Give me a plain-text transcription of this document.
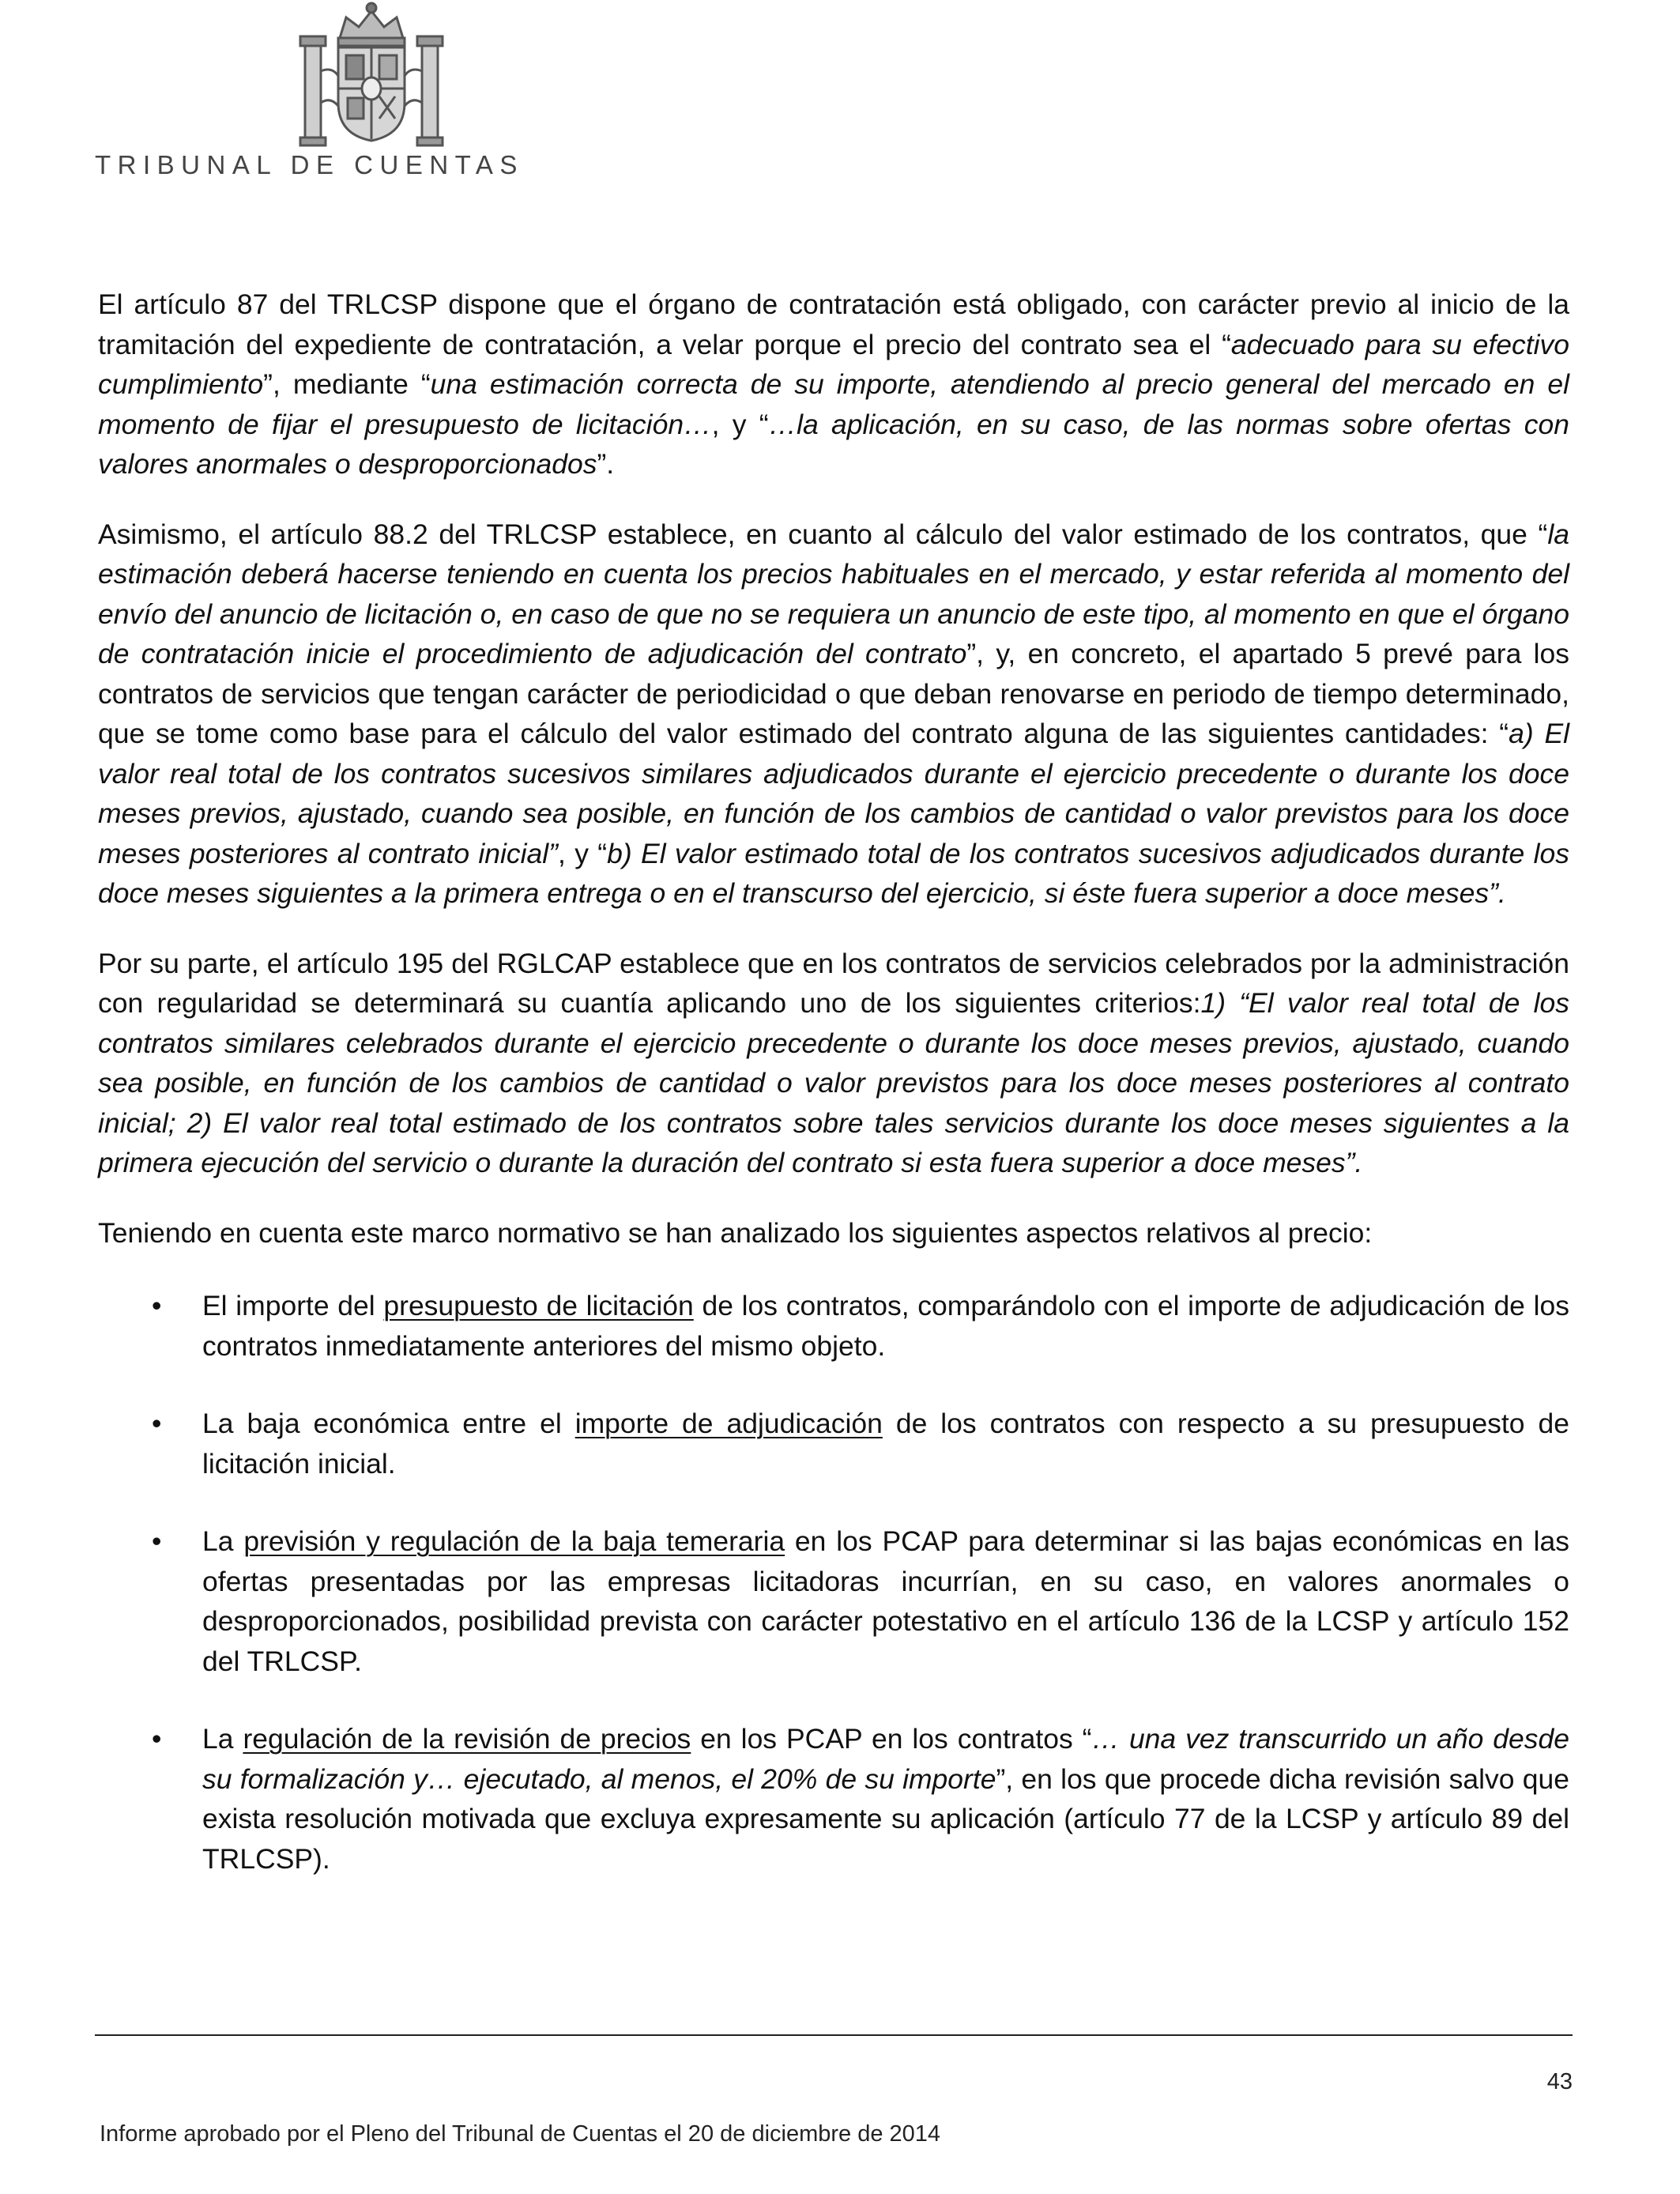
TRIBUNAL DE CUENTAS

El artículo 87 del TRLCSP dispone que el órgano de contratación está obligado, con carácter previo al inicio de la tramitación del expediente de contratación, a velar porque el precio del contrato sea el “adecuado para su efectivo cumplimiento”, mediante “una estimación correcta de su importe, atendiendo al precio general del mercado en el momento de fijar el presupuesto de licitación…, y “…la aplicación, en su caso, de las normas sobre ofertas con valores anormales o desproporcionados”.

Asimismo, el artículo 88.2 del TRLCSP establece, en cuanto al cálculo del valor estimado de los contratos, que “la estimación deberá hacerse teniendo en cuenta los precios habituales en el mercado, y estar referida al momento del envío del anuncio de licitación o, en caso de que no se requiera un anuncio de este tipo, al momento en que el órgano de contratación inicie el procedimiento de adjudicación del contrato”, y, en concreto, el apartado 5 prevé para los contratos de servicios que tengan carácter de periodicidad o que deban renovarse en periodo de tiempo determinado, que se tome como base para el cálculo del valor estimado del contrato alguna de las siguientes cantidades: “a) El valor real total de los contratos sucesivos similares adjudicados durante el ejercicio precedente o durante los doce meses previos, ajustado, cuando sea posible, en función de los cambios de cantidad o valor previstos para los doce meses posteriores al contrato inicial”, y “b) El valor estimado total de los contratos sucesivos adjudicados durante los doce meses siguientes a la primera entrega o en el transcurso del ejercicio, si éste fuera superior a doce meses”.

Por su parte, el artículo 195 del RGLCAP establece que en los contratos de servicios celebrados por la administración con regularidad se determinará su cuantía aplicando uno de los siguientes criterios:1) “El valor real total de los contratos similares celebrados durante el ejercicio precedente o durante los doce meses previos, ajustado, cuando sea posible, en función de los cambios de cantidad o valor previstos para los doce meses posteriores al contrato inicial; 2) El valor real total estimado de los contratos sobre tales servicios durante los doce meses siguientes a la primera ejecución del servicio o durante la duración del contrato si esta fuera superior a doce meses”.

Teniendo en cuenta este marco normativo se han analizado los siguientes aspectos relativos al precio:

• El importe del presupuesto de licitación de los contratos, comparándolo con el importe de adjudicación de los contratos inmediatamente anteriores del mismo objeto.
• La baja económica entre el importe de adjudicación de los contratos con respecto a su presupuesto de licitación inicial.
• La previsión y regulación de la baja temeraria en los PCAP para determinar si las bajas económicas en las ofertas presentadas por las empresas licitadoras incurrían, en su caso, en valores anormales o desproporcionados, posibilidad prevista con carácter potestativo en el artículo 136 de la LCSP y artículo 152 del TRLCSP.
• La regulación de la revisión de precios en los PCAP en los contratos “… una vez transcurrido un año desde su formalización y… ejecutado, al menos, el 20% de su importe”, en los que procede dicha revisión salvo que exista resolución motivada que excluya expresamente su aplicación (artículo 77 de la LCSP y artículo 89 del TRLCSP).
43
Informe aprobado por el Pleno del Tribunal de Cuentas el 20 de diciembre de 2014
